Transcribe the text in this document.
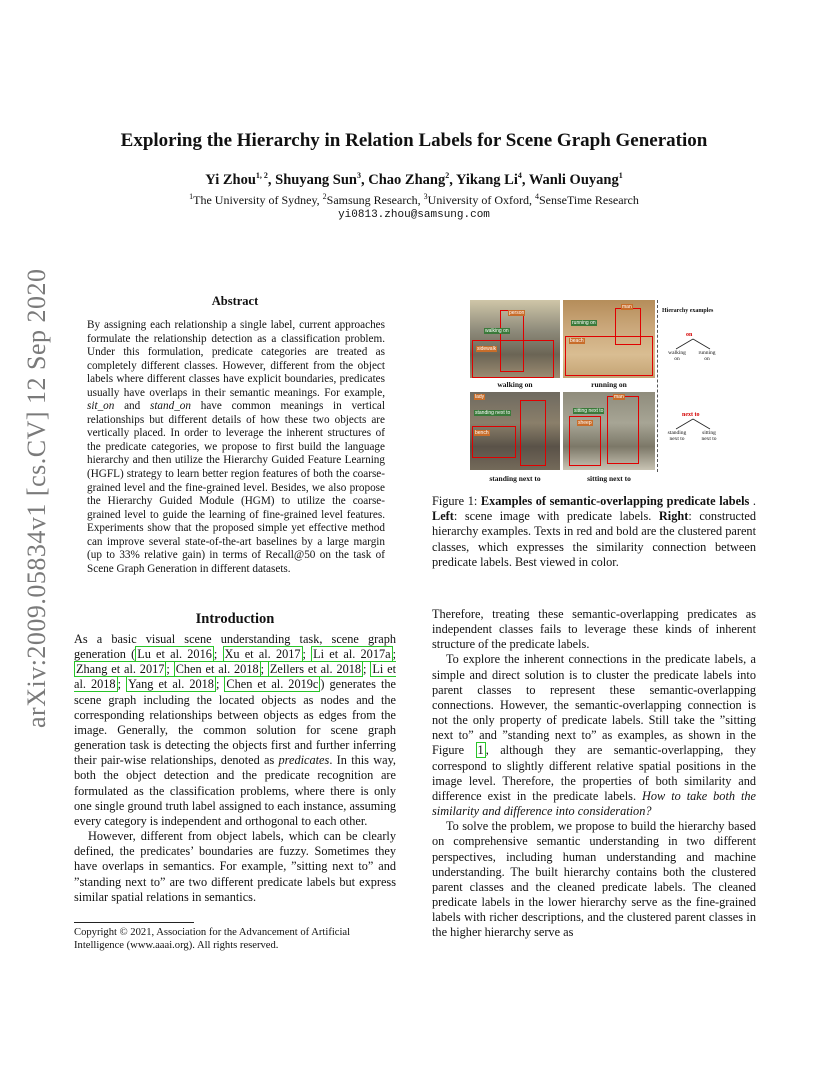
Exploring the Hierarchy in Relation Labels for Scene Graph Generation
Yi Zhou$^{1, 2}$, Shuyang Sun$^3$, Chao Zhang$^2$, Yikang Li$^4$, Wanli Ouyang$^1$
$^1$The University of Sydney, $^2$Samsung Research, $^3$University of Oxford, $^4$SenseTime Research
yi0813.zhou@samsung.com
arXiv:2009.05834v1 [cs.CV] 12 Sep 2020	Abstract
By assigning each relationship a single label, current approaches formulate the relationship detection as a classification problem. Under this formulation, predicate categories are treated as completely different classes. However, different from the object labels where different classes have explicit boundaries, predicates usually have overlaps in their semantic meanings. For example, sit_on and stand_on have common meanings in vertical relationships but different details of how these two objects are vertically placed. In order to leverage the inherent structures of the predicate categories, we propose to first build the language hierarchy and then utilize the Hierarchy Guided Feature Learning (HGFL) strategy to learn better region features of both the coarse-grained level and the fine-grained level. Besides, we also propose the Hierarchy Guided Module (HGM) to utilize the coarse-grained level to guide the learning of fine-grained level features. Experiments show that the proposed simple yet effective method can improve several state-of-the-art baselines by a large margin (up to 33% relative gain) in terms of Recall@50 on the task of Scene Graph Generation in different datasets.
Introduction

As a basic visual scene understanding task, scene graph generation ( Lu et al. 2016 ; Xu et al. 2017 ; Li et al. 2017a ; Zhang et al. 2017 ; Chen et al. 2018 ; Zellers et al. 2018 ; Li et al. 2018 ; Yang et al. 2018 ; Chen et al. 2019c ) generates the scene graph including the located objects as nodes and the corresponding relationships between objects as edges from the image. Generally, the common solution for scene graph generation task is detecting the objects first and further inferring their pair-wise relationships, denoted as predicates. In this way, both the object detection and the predicate recognition are formulated as the classification problems, where there is only one single ground truth label assigned to each instance, assuming every category is independent and orthogonal to each other.

However, different from object labels, which can be clearly defined, the predicates’ boundaries are fuzzy. Sometimes they have overlaps in semantics. For example, ”sitting next to” and ”standing next to” are two different predicate labels but express similar spatial relations in semantics.

Copyright © 2021, Association for the Advancement of Artificial Intelligence (www.aaai.org). All rights reserved.
person
walking on
sidewalk
walking on
man
running on
beach
running on
lady
standing next to
bench
standing next to
man
sitting next to
sheep
sitting next to
Hierarchy examples
on
walking
on
running
on
next to
standing
next to
sitting
next to
Figure 1: Examples of semantic-overlapping predicate labels . Left: scene image with predicate labels. Right: constructed hierarchy examples. Texts in red and bold are the clustered parent classes, which expresses the similarity connection between predicate labels. Best viewed in color.

Therefore, treating these semantic-overlapping predicates as independent classes fails to leverage these kinds of inherent structure of the predicate labels.

To explore the inherent connections in the predicate labels, a simple and direct solution is to cluster the predicate labels into parent classes to represent these semantic-overlapping connections. However, the semantic-overlapping connection is not the only property of predicate labels. Still take the ”sitting next to” and ”standing next to” as examples, as shown in the Figure 1 , although they are semantic-overlapping, they correspond to slightly different relative spatial positions in the image level. Therefore, the properties of both similarity and difference exist in the predicate labels. How to take both the similarity and difference into consideration?

To solve the problem, we propose to build the hierarchy based on comprehensive semantic understanding in two different perspectives, including human understanding and machine understanding. The built hierarchy contains both the clustered parent classes and the cleaned predicate labels. The cleaned predicate labels in the lower hierarchy serve as the fine-grained labels with richer descriptions, and the clustered parent classes in the higher hierarchy serve as
